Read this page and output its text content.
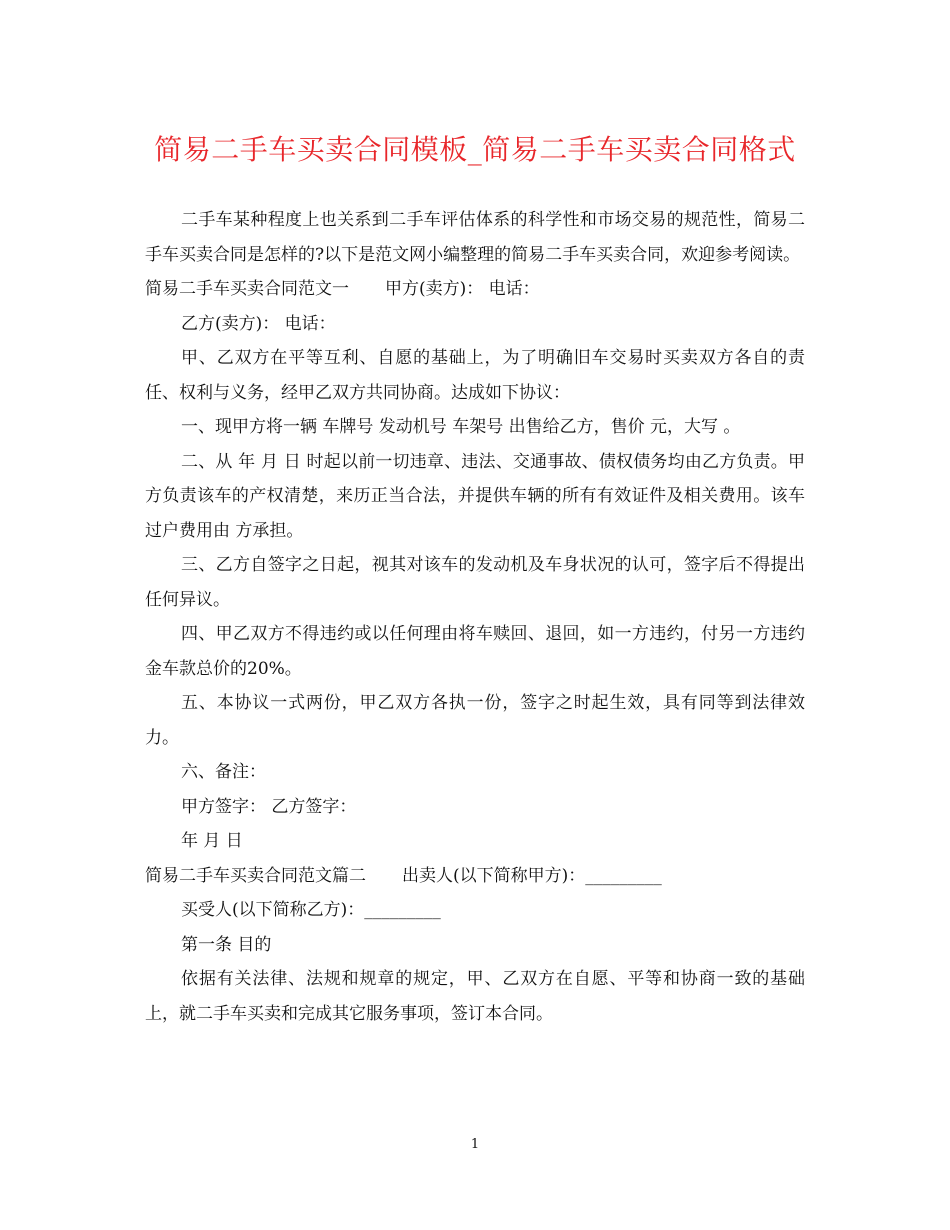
简易二手车买卖合同模板_简易二手车买卖合同格式

二手车某种程度上也关系到二手车评估体系的科学性和市场交易的规范性，简易二手车买卖合同是怎样的?以下是范文网小编整理的简易二手车买卖合同，欢迎参考阅读。

简易二手车买卖合同范文一 甲方(卖方)： 电话：

乙方(卖方)： 电话：

甲、乙双方在平等互利、自愿的基础上，为了明确旧车交易时买卖双方各自的责任、权利与义务，经甲乙双方共同协商。达成如下协议：

一、现甲方将一辆 车牌号 发动机号 车架号 出售给乙方，售价 元，大写 。

二、从 年 月 日 时起以前一切违章、违法、交通事故、债权债务均由乙方负责。甲方负责该车的产权清楚，来历正当合法，并提供车辆的所有有效证件及相关费用。该车过户费用由 方承担。

三、乙方自签字之日起，视其对该车的发动机及车身状况的认可，签字后不得提出任何异议。

四、甲乙双方不得违约或以任何理由将车赎回、退回，如一方违约，付另一方违约金车款总价的20%。

五、本协议一式两份，甲乙双方各执一份，签字之时起生效，具有同等到法律效力。

六、备注：

甲方签字： 乙方签字：

年 月 日

简易二手车买卖合同范文篇二 出卖人(以下简称甲方)：_________

买受人(以下简称乙方)：_________

第一条 目的

依据有关法律、法规和规章的规定，甲、乙双方在自愿、平等和协商一致的基础上，就二手车买卖和完成其它服务事项，签订本合同。

1
